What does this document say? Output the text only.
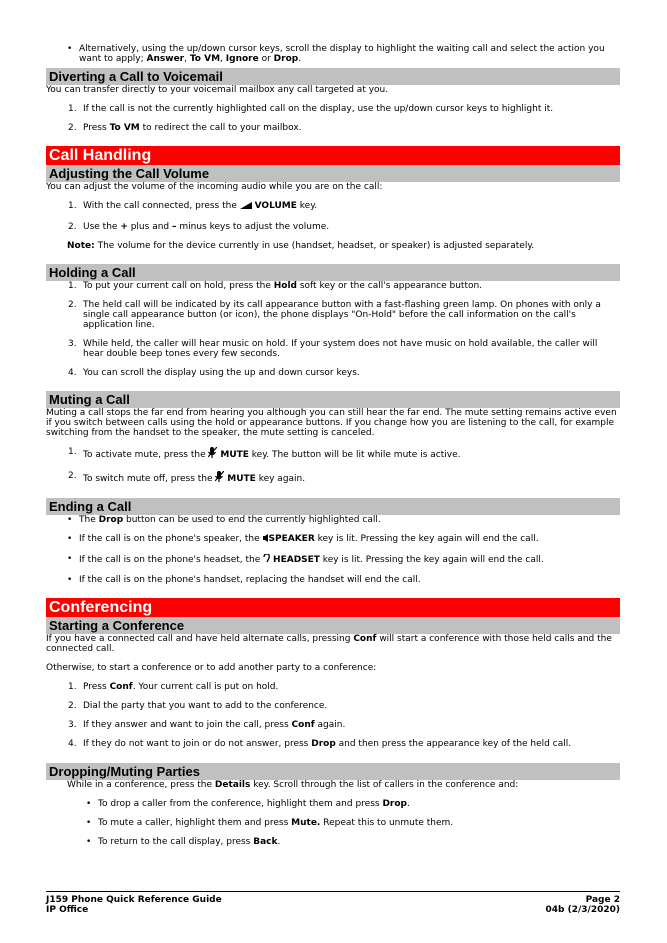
• Alternatively, using the up/down cursor keys, scroll the display to highlight the waiting call and select the action you want to apply; Answer, To VM, Ignore or Drop.

Diverting a Call to Voicemail

You can transfer directly to your voicemail mailbox any call targeted at you.

1. If the call is not the currently highlighted call on the display, use the up/down cursor keys to highlight it.

2. Press To VM to redirect the call to your mailbox.

Call Handling
Adjusting the Call Volume

You can adjust the volume of the incoming audio while you are on the call:

1. With the call connected, press the  VOLUME key.

2. Use the + plus and – minus keys to adjust the volume.

Note: The volume for the device currently in use (handset, headset, or speaker) is adjusted separately.

Holding a Call

1. To put your current call on hold, press the Hold soft key or the call's appearance button.

2. The held call will be indicated by its call appearance button with a fast-flashing green lamp. On phones with only a single call appearance button (or icon), the phone displays "On-Hold" before the call information on the call's application line.

3. While held, the caller will hear music on hold. If your system does not have music on hold available, the caller will hear double beep tones every few seconds.

4. You can scroll the display using the up and down cursor keys.

Muting a Call

Muting a call stops the far end from hearing you although you can still hear the far end. The mute setting remains active even if you switch between calls using the hold or appearance buttons. If you change how you are listening to the call, for example switching from the handset to the speaker, the mute setting is canceled.

1. To activate mute, press the  MUTE key. The button will be lit while mute is active.

2. To switch mute off, press the  MUTE key again.

Ending a Call

• The Drop button can be used to end the currently highlighted call.

• If the call is on the phone's speaker, the SPEAKER key is lit. Pressing the key again will end the call.

• If the call is on the phone's headset, the  HEADSET key is lit. Pressing the key again will end the call.

• If the call is on the phone's handset, replacing the handset will end the call.

Conferencing
Starting a Conference

If you have a connected call and have held alternate calls, pressing Conf will start a conference with those held calls and the connected call.

Otherwise, to start a conference or to add another party to a conference:

1. Press Conf. Your current call is put on hold.

2. Dial the party that you want to add to the conference.

3. If they answer and want to join the call, press Conf again.

4. If they do not want to join or do not answer, press Drop and then press the appearance key of the held call.

Dropping/Muting Parties

While in a conference, press the Details key. Scroll through the list of callers in the conference and:

• To drop a caller from the conference, highlight them and press Drop.

• To mute a caller, highlight them and press Mute. Repeat this to unmute them.

• To return to the call display, press Back.

J159 Phone Quick Reference Guide
IP Office
Page 2
04b (2/3/2020)
